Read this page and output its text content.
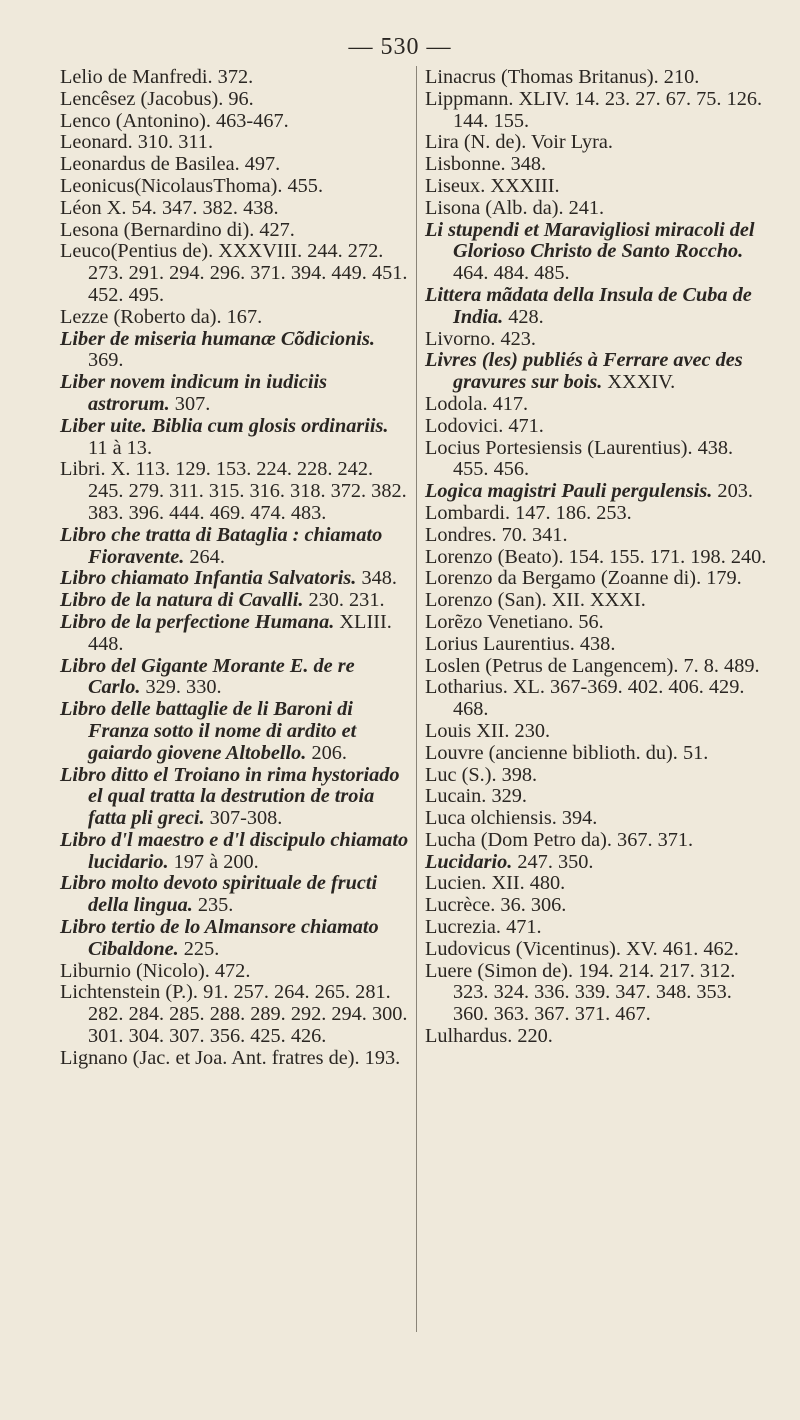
— 530 —

Lelio de Manfredi. 372.

Lencêsez (Jacobus). 96.

Lenco (Antonino). 463-467.

Leonard. 310. 311.

Leonardus de Basilea. 497.

Leonicus(NicolausThoma). 455.

Léon X. 54. 347. 382. 438.

Lesona (Bernardino di). 427.

Leuco(Pentius de). XXXVIII. 244. 272. 273. 291. 294. 296. 371. 394. 449. 451. 452. 495.

Lezze (Roberto da). 167.

Liber de miseria humanæ Cõdicionis. 369.

Liber novem indicum in iudiciis astrorum. 307.

Liber uite. Biblia cum glosis ordinariis. 11 à 13.

Libri. X. 113. 129. 153. 224. 228. 242. 245. 279. 311. 315. 316. 318. 372. 382. 383. 396. 444. 469. 474. 483.

Libro che tratta di Bataglia : chiamato Fioravente. 264.

Libro chiamato Infantia Salvatoris. 348.

Libro de la natura di Cavalli. 230. 231.

Libro de la perfectione Humana. XLIII. 448.

Libro del Gigante Morante E. de re Carlo. 329. 330.

Libro delle battaglie de li Baroni di Franza sotto il nome di ardito et gaiardo giovene Altobello. 206.

Libro ditto el Troiano in rima hystoriado el qual tratta la destrution de troia fatta pli greci. 307-308.

Libro d'l maestro e d'l discipulo chiamato lucidario. 197 à 200.

Libro molto devoto spirituale de fructi della lingua. 235.

Libro tertio de lo Almansore chiamato Cibaldone. 225.

Liburnio (Nicolo). 472.

Lichtenstein (P.). 91. 257. 264. 265. 281. 282. 284. 285. 288. 289. 292. 294. 300. 301. 304. 307. 356. 425. 426.

Lignano (Jac. et Joa. Ant. fratres de). 193.

Linacrus (Thomas Britanus). 210.

Lippmann. XLIV. 14. 23. 27. 67. 75. 126. 144. 155.

Lira (N. de). Voir Lyra.

Lisbonne. 348.

Liseux. XXXIII.

Lisona (Alb. da). 241.

Li stupendi et Maravigliosi miracoli del Glorioso Christo de Santo Roccho. 464. 484. 485.

Littera mãdata della Insula de Cuba de India. 428.

Livorno. 423.

Livres (les) publiés à Ferrare avec des gravures sur bois. XXXIV.

Lodola. 417.

Lodovici. 471.

Locius Portesiensis (Laurentius). 438. 455. 456.

Logica magistri Pauli pergulensis. 203.

Lombardi. 147. 186. 253.

Londres. 70. 341.

Lorenzo (Beato). 154. 155. 171. 198. 240.

Lorenzo da Bergamo (Zoanne di). 179.

Lorenzo (San). XII. XXXI.

Lorẽzo Venetiano. 56.

Lorius Laurentius. 438.

Loslen (Petrus de Langencem). 7. 8. 489.

Lotharius. XL. 367-369. 402. 406. 429. 468.

Louis XII. 230.

Louvre (ancienne biblioth. du). 51.

Luc (S.). 398.

Lucain. 329.

Luca olchiensis. 394.

Lucha (Dom Petro da). 367. 371.

Lucidario. 247. 350.

Lucien. XII. 480.

Lucrèce. 36. 306.

Lucrezia. 471.

Ludovicus (Vicentinus). XV. 461. 462.

Luere (Simon de). 194. 214. 217. 312. 323. 324. 336. 339. 347. 348. 353. 360. 363. 367. 371. 467.

Lulhardus. 220.
